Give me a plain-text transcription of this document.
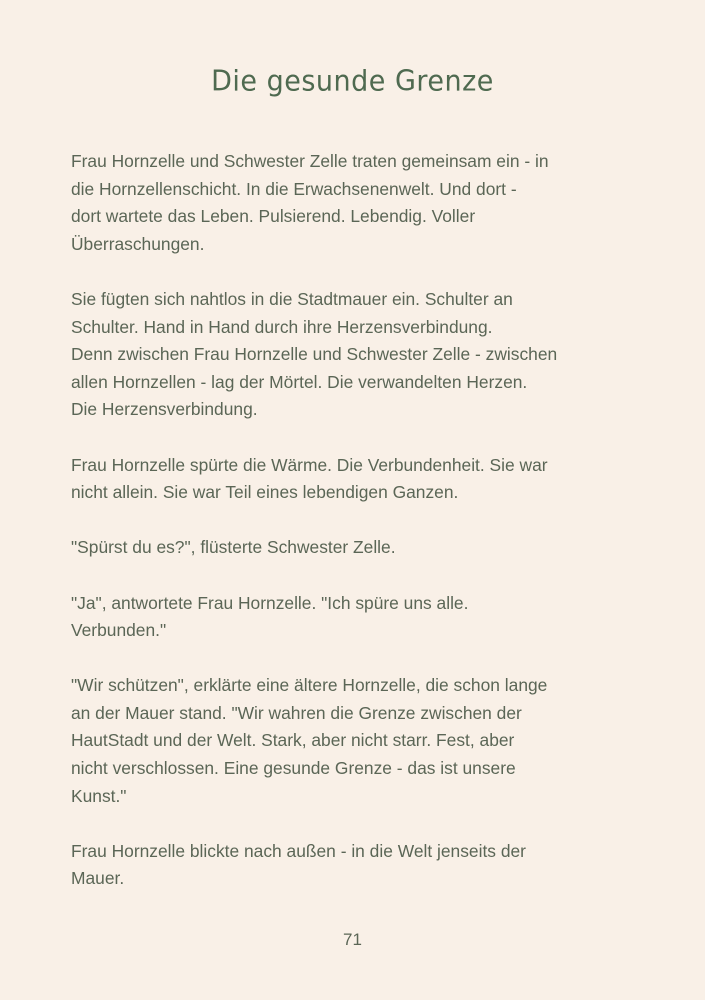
Die gesunde Grenze

Frau Hornzelle und Schwester Zelle traten gemeinsam ein - in
die Hornzellenschicht. In die Erwachsenenwelt. Und dort -
dort wartete das Leben. Pulsierend. Lebendig. Voller
Überraschungen.

Sie fügten sich nahtlos in die Stadtmauer ein. Schulter an
Schulter. Hand in Hand durch ihre Herzensverbindung.
Denn zwischen Frau Hornzelle und Schwester Zelle - zwischen
allen Hornzellen - lag der Mörtel. Die verwandelten Herzen.
Die Herzensverbindung.

Frau Hornzelle spürte die Wärme. Die Verbundenheit. Sie war
nicht allein. Sie war Teil eines lebendigen Ganzen.

"Spürst du es?", flüsterte Schwester Zelle.

"Ja", antwortete Frau Hornzelle. "Ich spüre uns alle.
Verbunden."

"Wir schützen", erklärte eine ältere Hornzelle, die schon lange
an der Mauer stand. "Wir wahren die Grenze zwischen der
HautStadt und der Welt. Stark, aber nicht starr. Fest, aber
nicht verschlossen. Eine gesunde Grenze - das ist unsere
Kunst."

Frau Hornzelle blickte nach außen - in die Welt jenseits der
Mauer.

71
